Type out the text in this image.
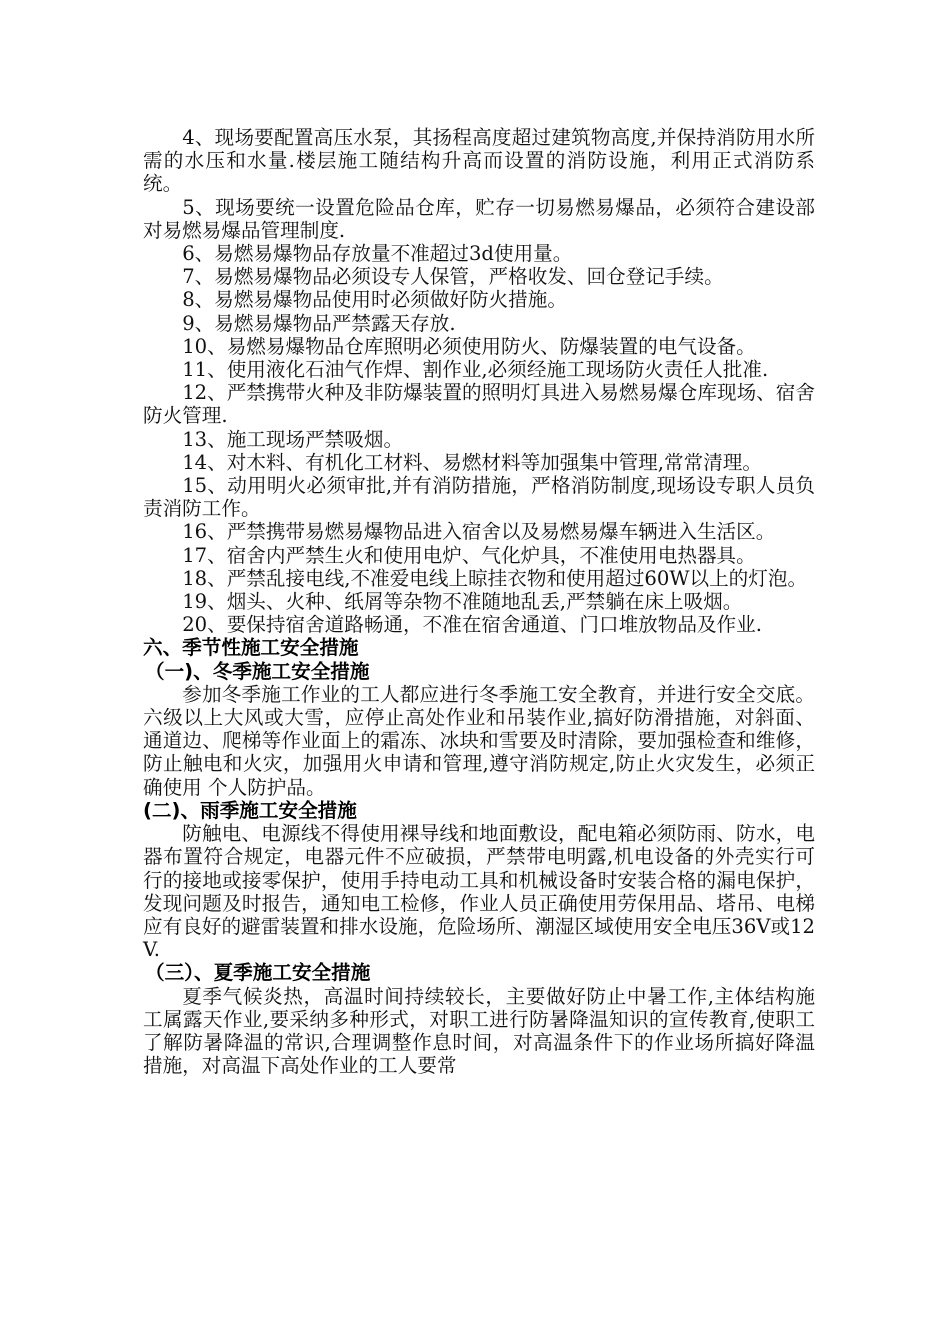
4、现场要配置高压水泵，其扬程高度超过建筑物高度,并保持消防用水所需的水压和水量.楼层施工随结构升高而设置的消防设施，利用正式消防系统。

5、现场要统一设置危险品仓库，贮存一切易燃易爆品，必须符合建设部对易燃易爆品管理制度.

6、易燃易爆物品存放量不准超过3d使用量。

7、易燃易爆物品必须设专人保管，严格收发、回仓登记手续。

8、易燃易爆物品使用时必须做好防火措施。

9、易燃易爆物品严禁露天存放.

10、易燃易爆物品仓库照明必须使用防火、防爆装置的电气设备。

11、使用液化石油气作焊、割作业,必须经施工现场防火责任人批准.

12、严禁携带火种及非防爆装置的照明灯具进入易燃易爆仓库现场、宿舍防火管理.

13、施工现场严禁吸烟。

14、对木料、有机化工材料、易燃材料等加强集中管理,常常清理。

15、动用明火必须审批,并有消防措施，严格消防制度,现场设专职人员负责消防工作。

16、严禁携带易燃易爆物品进入宿舍以及易燃易爆车辆进入生活区。

17、宿舍内严禁生火和使用电炉、气化炉具，不准使用电热器具。

18、严禁乱接电线,不准爱电线上晾挂衣物和使用超过60W以上的灯泡。

19、烟头、火种、纸屑等杂物不准随地乱丢,严禁躺在床上吸烟。

20、要保持宿舍道路畅通，不准在宿舍通道、门口堆放物品及作业.

六、季节性施工安全措施
（一)、冬季施工安全措施

参加冬季施工作业的工人都应进行冬季施工安全教育，并进行安全交底。六级以上大风或大雪，应停止高处作业和吊装作业,搞好防滑措施，对斜面、通道边、爬梯等作业面上的霜冻、冰块和雪要及时清除，要加强检查和维修，防止触电和火灾，加强用火申请和管理,遵守消防规定,防止火灾发生，必须正确使用 个人防护品。

(二)、雨季施工安全措施

防触电、电源线不得使用裸导线和地面敷设，配电箱必须防雨、防水，电器布置符合规定，电器元件不应破损，严禁带电明露,机电设备的外壳实行可行的接地或接零保护，使用手持电动工具和机械设备时安装合格的漏电保护，发现问题及时报告，通知电工检修，作业人员正确使用劳保用品、塔吊、电梯应有良好的避雷装置和排水设施，危险场所、潮湿区域使用安全电压36V或12V.

（三）、夏季施工安全措施

夏季气候炎热，高温时间持续较长，主要做好防止中暑工作,主体结构施工属露天作业,要采纳多种形式，对职工进行防暑降温知识的宣传教育,使职工了解防暑降温的常识,合理调整作息时间，对高温条件下的作业场所搞好降温措施，对高温下高处作业的工人要常
